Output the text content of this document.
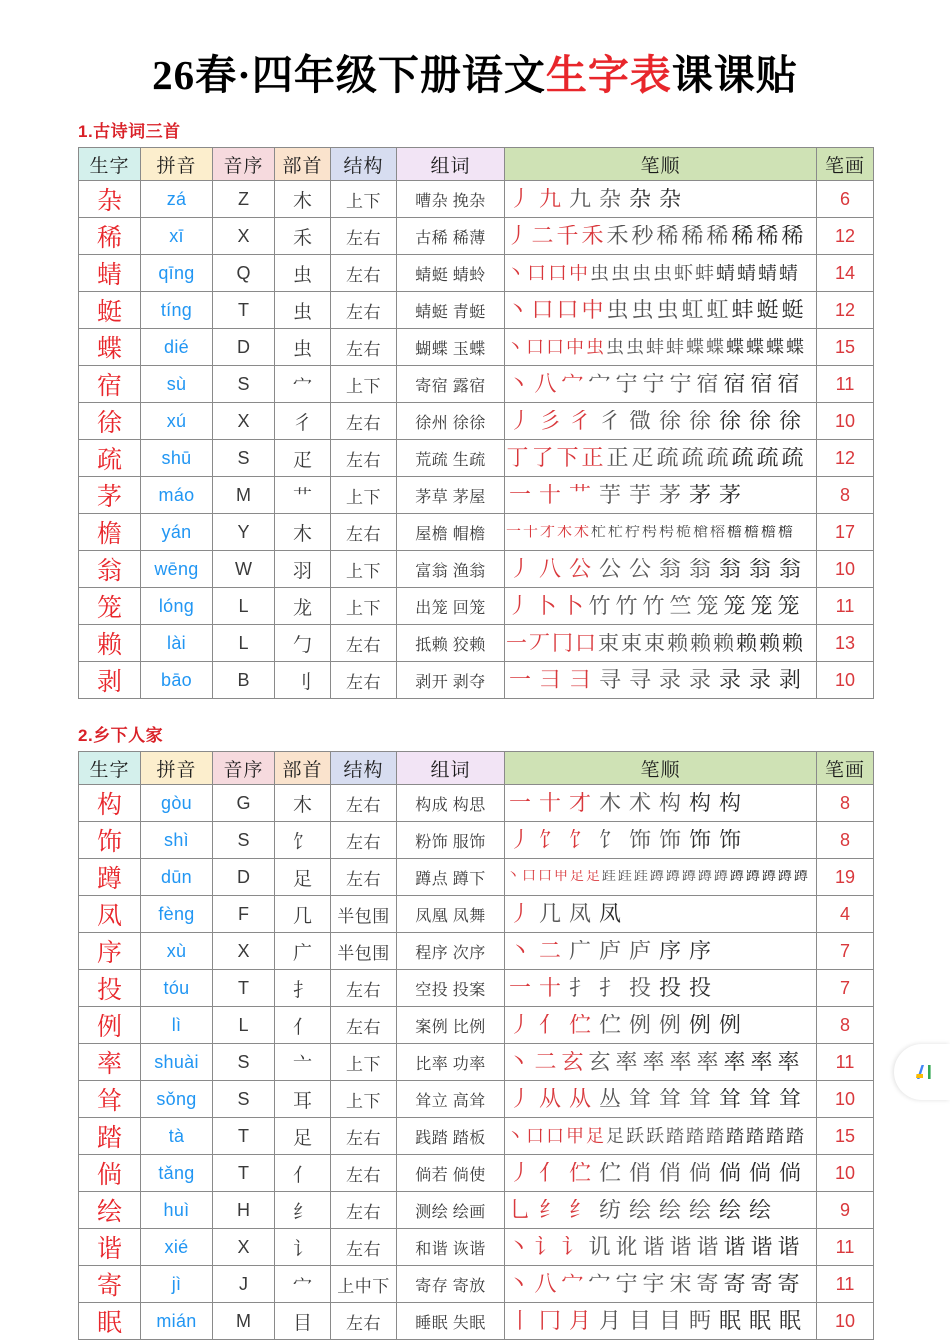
26春·四年级下册语文生字表课课贴
1.古诗词三首
生字	拼音	音序	部首	结构	组词	笔顺	笔画
杂	zá	Z	木	上下	嘈杂 挽杂	丿 九 九 杂 杂 杂	6
稀	xī	X	禾	左右	古稀 稀薄	丿 二 千 禾 禾 秒 稀 稀 稀 稀 稀 稀	12
蜻	qīng	Q	虫	左右	蜻蜓 蜻蛉	丶 口 口 中 虫 虫 虫 虫 虾 蚌 蜻 蜻 蜻 蜻	14
蜓	tíng	T	虫	左右	蜻蜓 青蜓	丶 口 口 中 虫 虫 虫 虹 虹 蚌 蜓 蜓	12
蝶	dié	D	虫	左右	蝴蝶 玉蝶	丶 口 口 中 虫 虫 虫 蚌 蚌 蝶 蝶 蝶 蝶 蝶 蝶	15
宿	sù	S	宀	上下	寄宿 露宿	丶 八 宀 宀 宁 宁 宁 宿 宿 宿 宿	11
徐	xú	X	彳	左右	徐州 徐徐	丿 彡 彳 彳 㣲 徐 徐 徐 徐 徐	10
疏	shū	S	疋	左右	荒疏 生疏	丁 了 下 正 正 疋 疏 疏 疏 疏 疏 疏	12
茅	máo	M	艹	上下	茅草 茅屋	一 十 艹 芋 芋 茅 茅 茅	8
檐	yán	Y	木	左右	屋檐 帽檐	一 十 才 木 术 杧 杧 柠 枵 枵 桅 槍 榕 檐 檐 檐 檐	17
翁	wēng	W	羽	上下	富翁 渔翁	丿 八 公 公 公 翁 翁 翁 翁 翁	10
笼	lóng	L	龙	上下	出笼 回笼	丿 卜 卜 竹 竹 竹 竺 笼 笼 笼 笼	11
赖	lài	L	勹	左右	抵赖 狡赖	一 丆 冂 口 束 束 束 赖 赖 赖 赖 赖 赖	13
剥	bāo	B	刂	左右	剥开 剥夺	一 彐 彐 寻 寻 录 录 录 录 剥	10
2.乡下人家
生字	拼音	音序	部首	结构	组词	笔顺	笔画
构	gòu	G	木	左右	构成 构思	一 十 才 木 术 构 构 构	8
饰	shì	S	饣	左右	粉饰 服饰	丿 饣 饣 饣 饰 饰 饰 饰	8
蹲	dūn	D	足	左右	蹲点 蹲下	丶 口 口 甲 足 足 跬 跬 跬 蹲 蹲 蹲 蹲 蹲 蹲 蹲 蹲 蹲 蹲	19
凤	fèng	F	几	半包围	凤凰 凤舞	丿 几 凤 凤	4
序	xù	X	广	半包围	程序 次序	丶 二 广 庐 庐 序 序	7
投	tóu	T	扌	左右	空投 投案	一 十 扌 扌 投 投 投	7
例	lì	L	亻	左右	案例 比例	丿 亻 伫 伫 例 例 例 例	8
率	shuài	S	亠	上下	比率 功率	丶 二 玄 玄 率 率 率 率 率 率 率	11
耸	sǒng	S	耳	上下	耸立 高耸	丿 从 从 丛 耸 耸 耸 耸 耸 耸	10
踏	tà	T	足	左右	践踏 踏板	丶 口 口 甲 足 足 跃 跃 踏 踏 踏 踏 踏 踏 踏	15
倘	tǎng	T	亻	左右	倘若 倘使	丿 亻 伫 伫 俏 俏 倘 倘 倘 倘	10
绘	huì	H	纟	左右	测绘 绘画	乚 纟 纟 纺 绘 绘 绘 绘 绘	9
谐	xié	X	讠	左右	和谐 诙谐	丶 讠 讠 讥 讹 谐 谐 谐 谐 谐 谐	11
寄	jì	J	宀	上中下	寄存 寄放	丶 八 宀 宀 宁 宇 宋 寄 寄 寄 寄	11
眠	mián	M	目	左右	睡眠 失眠	丨 冂 月 月 目 目 眄 眠 眠 眠	10
